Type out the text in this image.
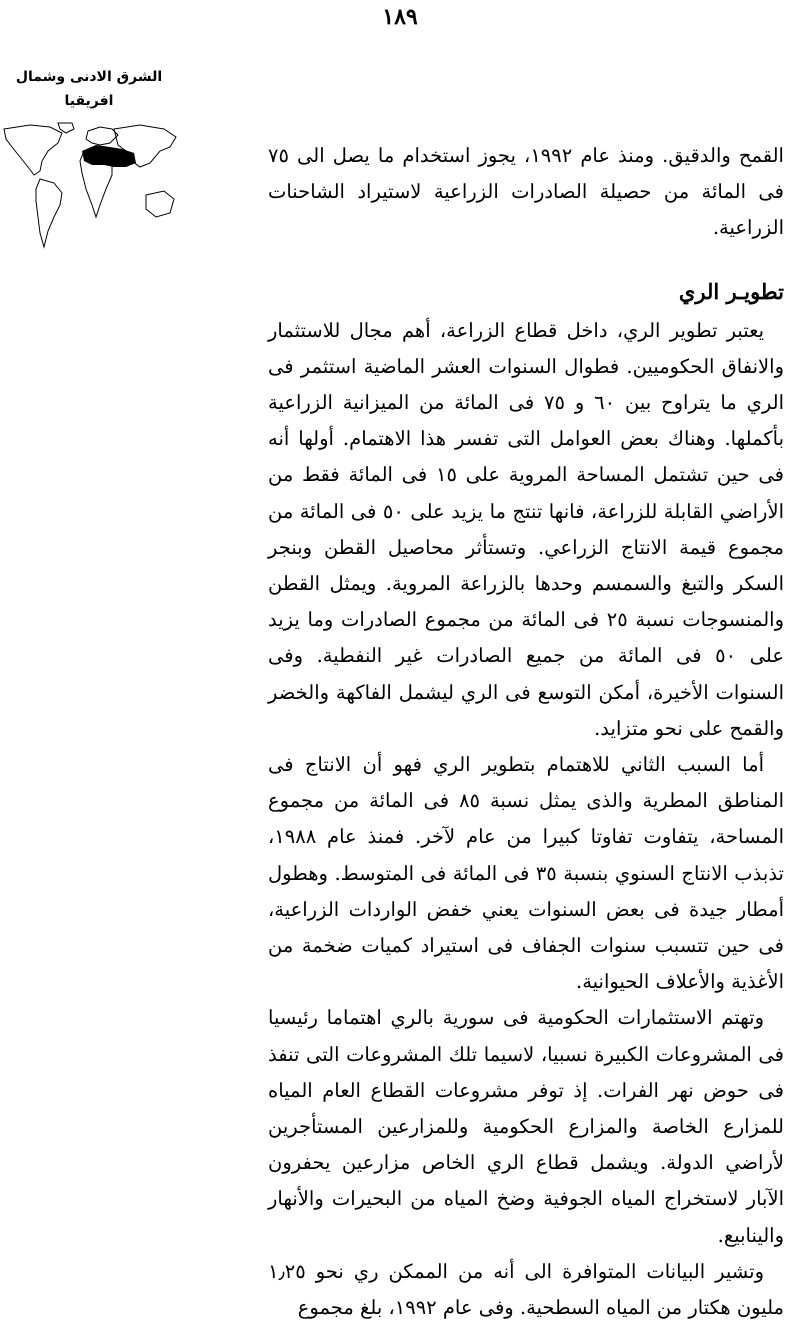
١٨٩
الشرق الادنى وشمال
افريقيا

القمح والدقيق. ومنذ عام ١٩٩٢، يجوز استخدام ما يصل الى ٧٥ فى المائة من حصيلة الصادرات الزراعية لاستيراد الشاحنات الزراعية.

تطويـر الري

يعتبر تطوير الري، داخل قطاع الزراعة، أهم مجال للاستثمار والانفاق الحكوميين. فطوال السنوات العشر الماضية استثمر فى الري ما يتراوح بين ٦٠ و ٧٥ فى المائة من الميزانية الزراعية بأكملها. وهناك بعض العوامل التى تفسر هذا الاهتمام. أولها أنه فى حين تشتمل المساحة المروية على ١٥ فى المائة فقط من الأراضي القابلة للزراعة، فانها تنتج ما يزيد على ٥٠ فى المائة من مجموع قيمة الانتاج الزراعي. وتستأثر محاصيل القطن وبنجر السكر والتبغ والسمسم وحدها بالزراعة المروية. ويمثل القطن والمنسوجات نسبة ٢٥ فى المائة من مجموع الصادرات وما يزيد على ٥٠ فى المائة من جميع الصادرات غير النفطية. وفى السنوات الأخيرة، أمكن التوسع فى الري ليشمل الفاكهة والخضر والقمح على نحو متزايد.

أما السبب الثاني للاهتمام بتطوير الري فهو أن الانتاج فى المناطق المطرية والذى يمثل نسبة ٨٥ فى المائة من مجموع المساحة، يتفاوت تفاوتا كبيرا من عام لآخر. فمنذ عام ١٩٨٨، تذبذب الانتاج السنوي بنسبة ٣٥ فى المائة فى المتوسط. وهطول أمطار جيدة فى بعض السنوات يعني خفض الواردات الزراعية، فى حين تتسبب سنوات الجفاف فى استيراد كميات ضخمة من الأغذية والأعلاف الحيوانية.

وتهتم الاستثمارات الحكومية فى سورية بالري اهتماما رئيسيا فى المشروعات الكبيرة نسبيا، لاسيما تلك المشروعات التى تنفذ فى حوض نهر الفرات. إذ توفر مشروعات القطاع العام المياه للمزارع الخاصة والمزارع الحكومية وللمزارعين المستأجرين لأراضي الدولة. ويشمل قطاع الري الخاص مزارعين يحفرون الآبار لاستخراج المياه الجوفية وضخ المياه من البحيرات والأنهار والينابيع.

وتشير البيانات المتوافرة الى أنه من الممكن ري نحو ١٫٢٥ مليون هكتار من المياه السطحية. وفى عام ١٩٩٢، بلغ مجموع
